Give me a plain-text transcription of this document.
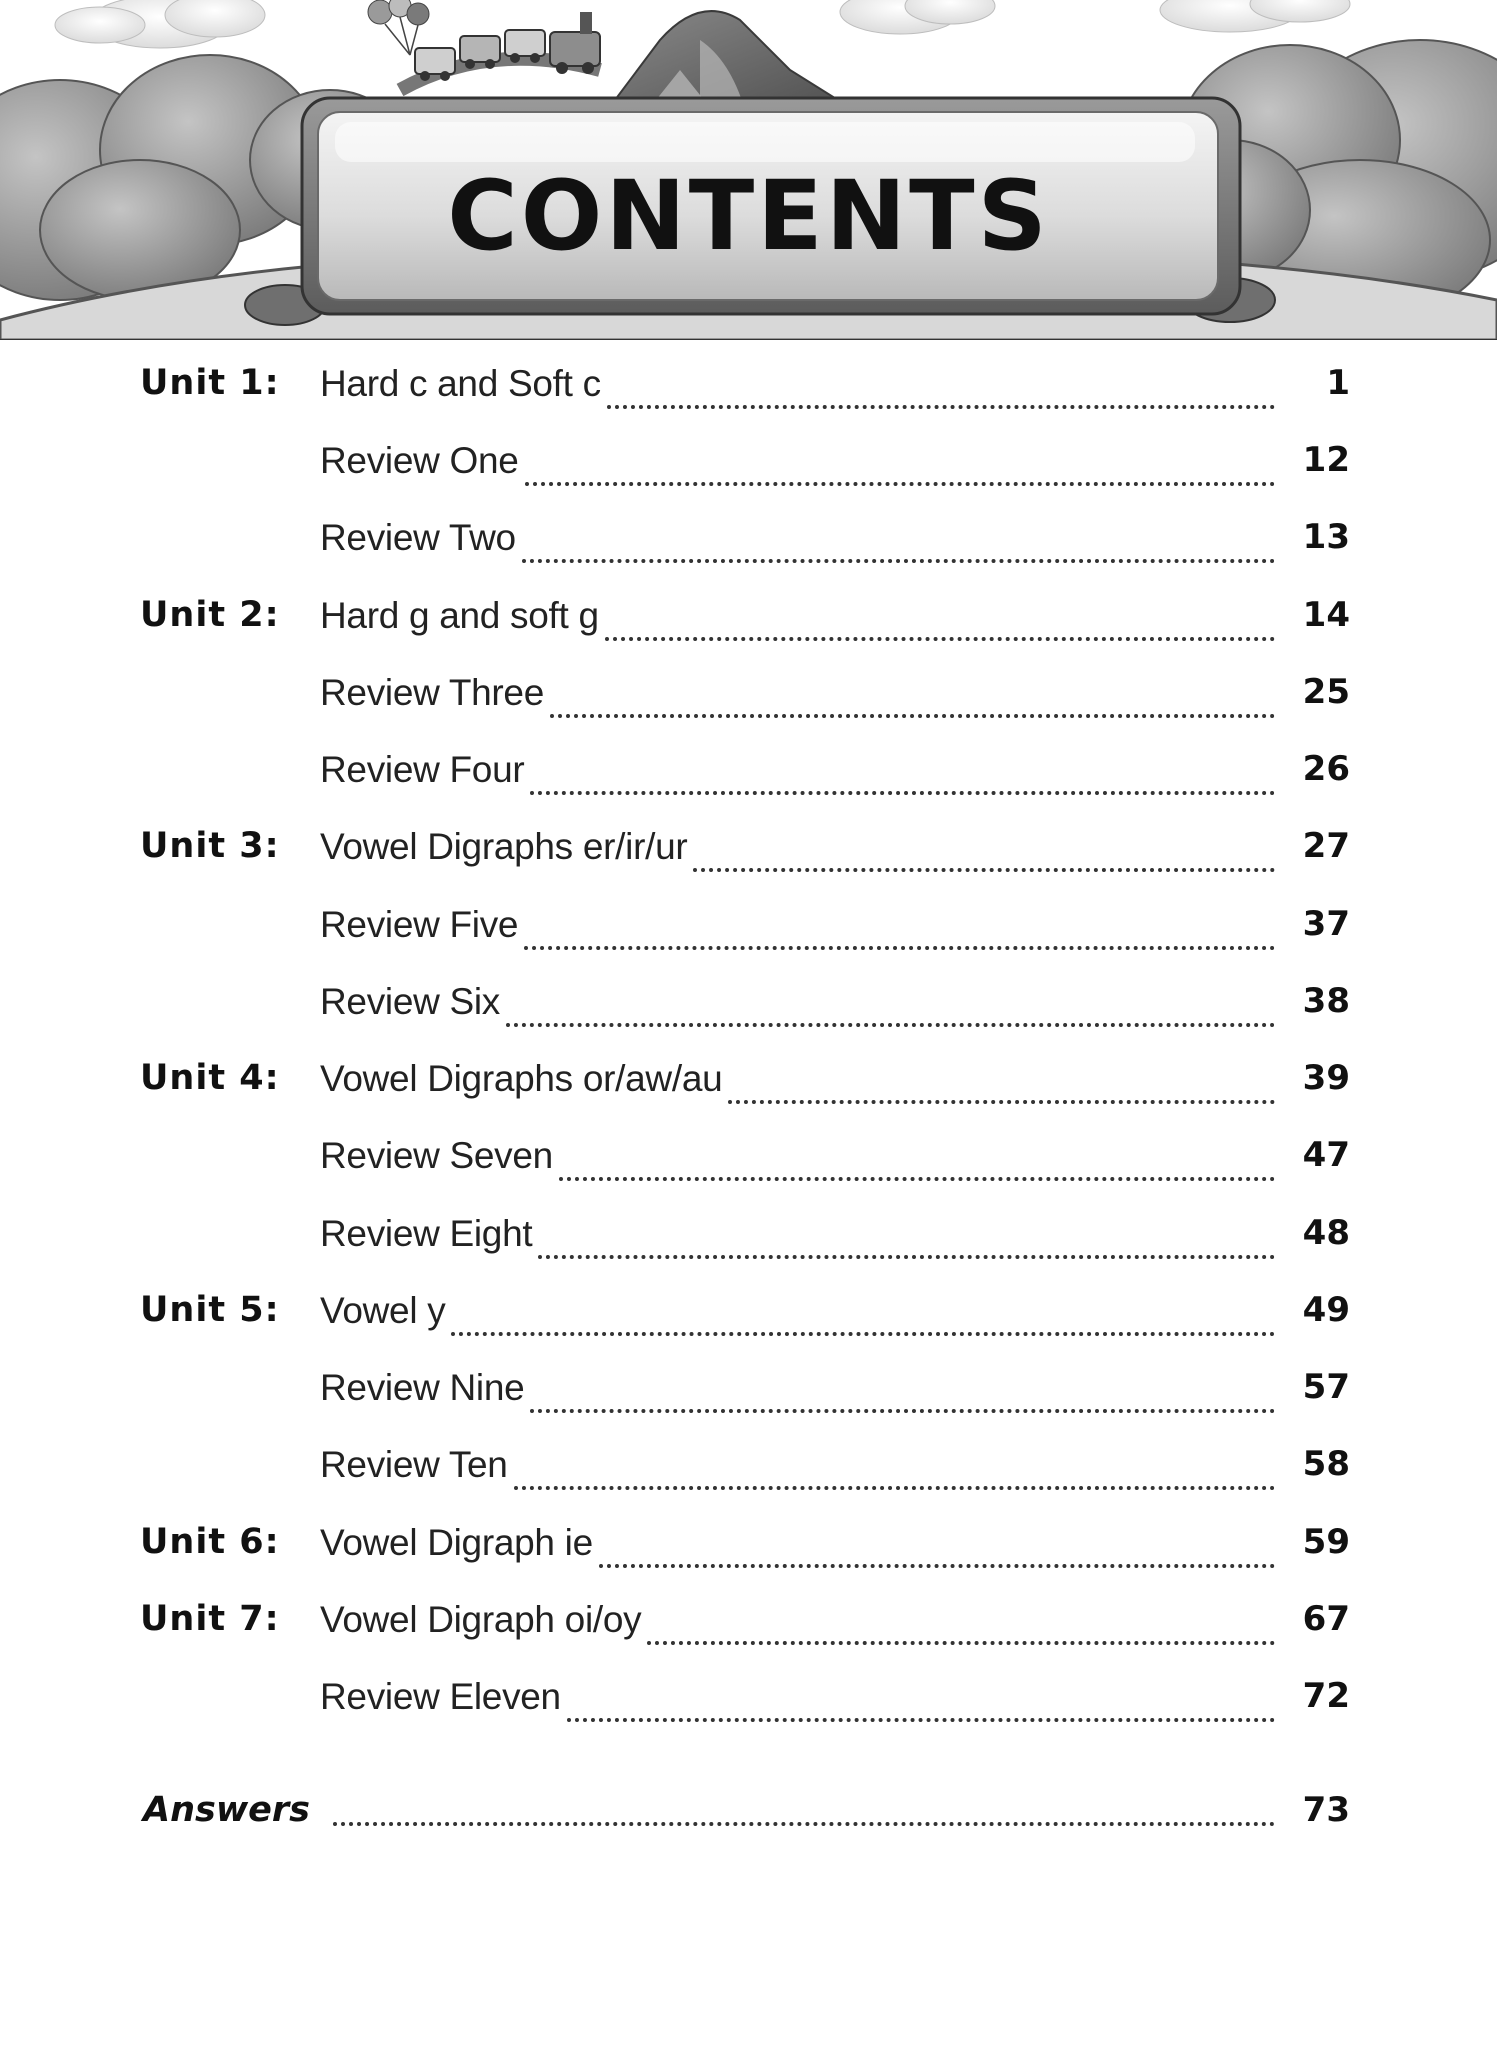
CONTENTS
Unit 1: Hard c and Soft c	1
Review One	12
Review Two	13
Unit 2: Hard g and soft g	14
Review Three	25
Review Four	26
Unit 3: Vowel Digraphs er/ir/ur	27
Review Five	37
Review Six	38
Unit 4: Vowel Digraphs or/aw/au	39
Review Seven	47
Review Eight	48
Unit 5: Vowel y	49
Review Nine	57
Review Ten	58
Unit 6: Vowel Digraph ie	59
Unit 7: Vowel Digraph oi/oy	67
Review Eleven	72
Answers	73
